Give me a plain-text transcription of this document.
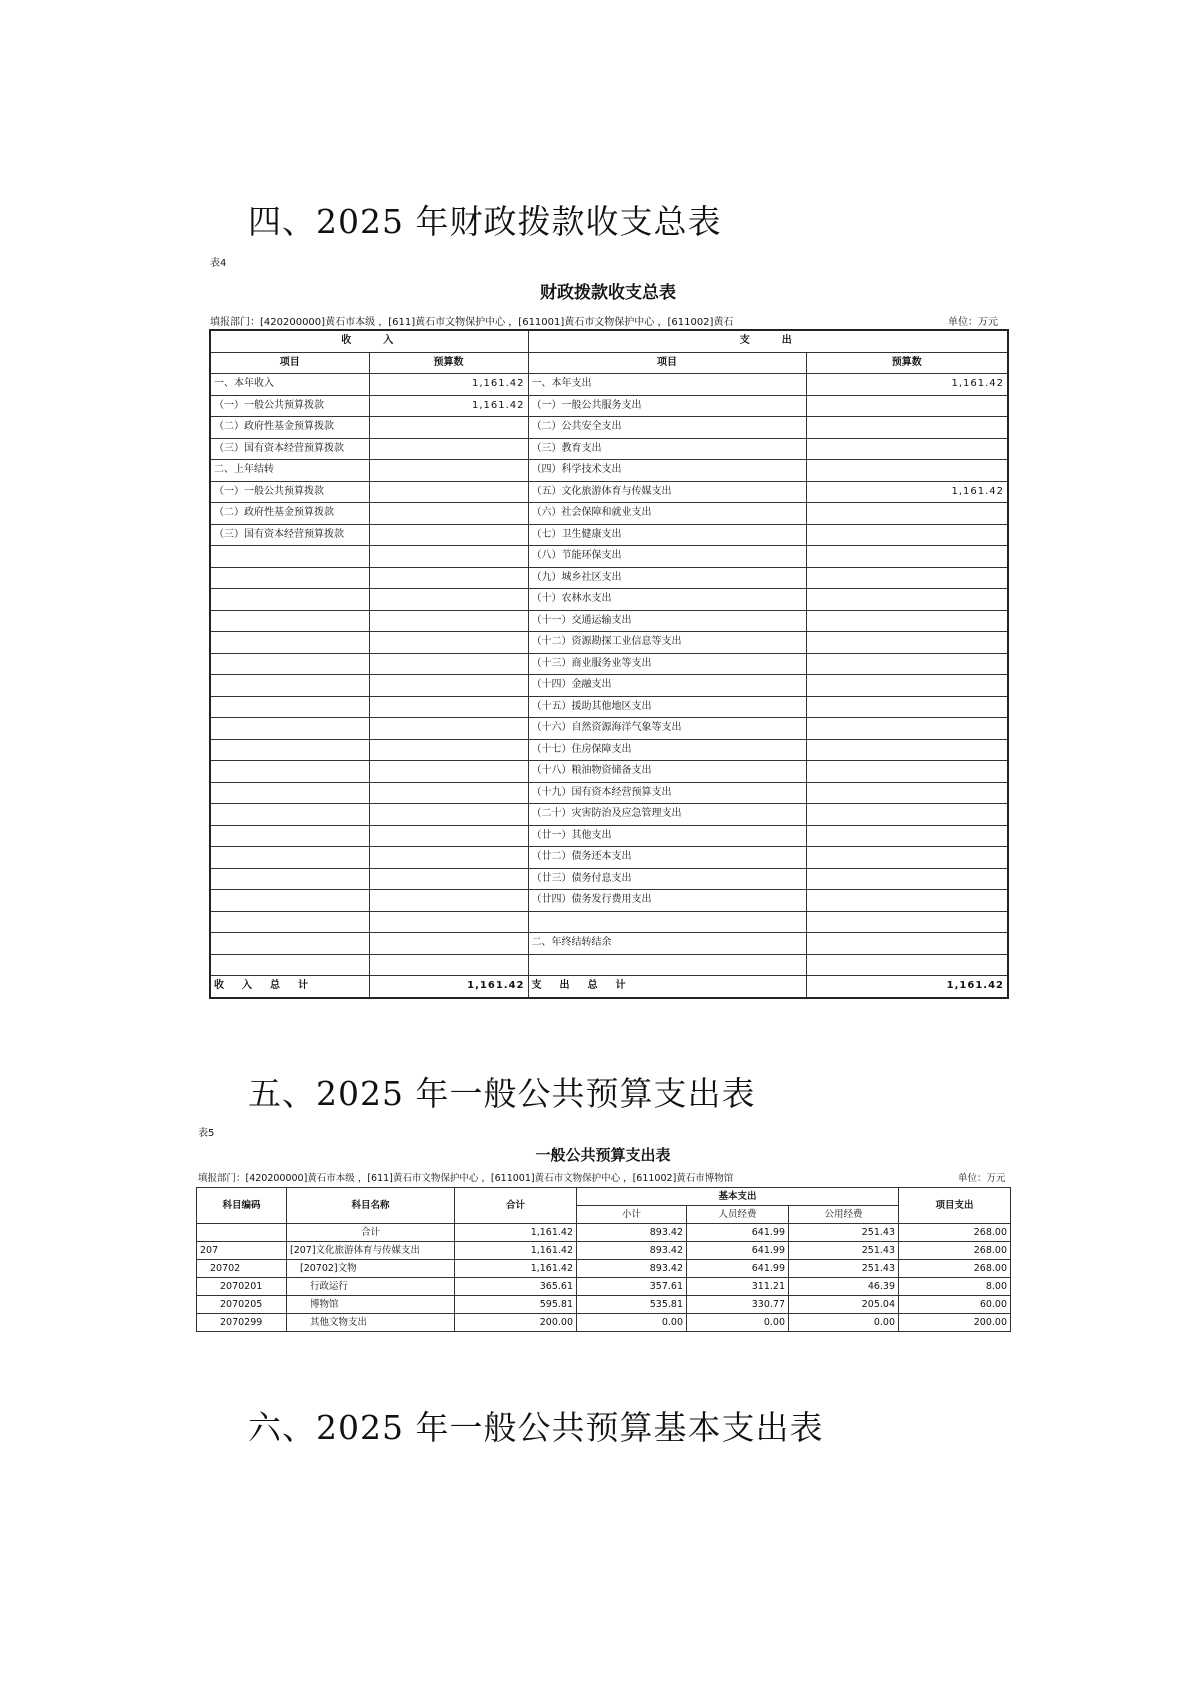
四、2025 年财政拨款收支总表
表4
财政拨款收支总表
填报部门：[420200000]黄石市本级 ，[611]黄石市文物保护中心 ，[611001]黄石市文物保护中心 ，[611002]黄石	单位：万元
收　　入		支　　出	
项目	预算数	项目	预算数
一、本年收入	1,161.42	一、本年支出	1,161.42
（一）一般公共预算拨款	1,161.42	（一）一般公共服务支出	
（二）政府性基金预算拨款		（二）公共安全支出	
（三）国有资本经营预算拨款		（三）教育支出	
二、上年结转		（四）科学技术支出	
（一）一般公共预算拨款		（五）文化旅游体育与传媒支出	1,161.42
（二）政府性基金预算拨款		（六）社会保障和就业支出	
（三）国有资本经营预算拨款		（七）卫生健康支出	
		（八）节能环保支出	
		（九）城乡社区支出	
		（十）农林水支出	
		（十一）交通运输支出	
		（十二）资源勘探工业信息等支出	
		（十三）商业服务业等支出	
		（十四）金融支出	
		（十五）援助其他地区支出	
		（十六）自然资源海洋气象等支出	
		（十七）住房保障支出	
		（十八）粮油物资储备支出	
		（十九）国有资本经营预算支出	
		（二十）灾害防治及应急管理支出	
		（廿一）其他支出	
		（廿二）债务还本支出	
		（廿三）债务付息支出	
		（廿四）债务发行费用支出	

		二、年终结转结余	

收　入　总　计	1,161.42	支　出　总　计	1,161.42
五、2025 年一般公共预算支出表
表5
一般公共预算支出表
填报部门：[420200000]黄石市本级 ，[611]黄石市文物保护中心 ，[611001]黄石市文物保护中心 ，[611002]黄石市博物馆	单位：万元
科目编码	科目名称	合计	基本支出			项目支出
			小计	人员经费	公用经费	
	合计	1,161.42	893.42	641.99	251.43	268.00
207	[207]文化旅游体育与传媒支出	1,161.42	893.42	641.99	251.43	268.00
20702	[20702]文物	1,161.42	893.42	641.99	251.43	268.00
2070201	行政运行	365.61	357.61	311.21	46.39	8.00
2070205	博物馆	595.81	535.81	330.77	205.04	60.00
2070299	其他文物支出	200.00	0.00	0.00	0.00	200.00
六、2025 年一般公共预算基本支出表
